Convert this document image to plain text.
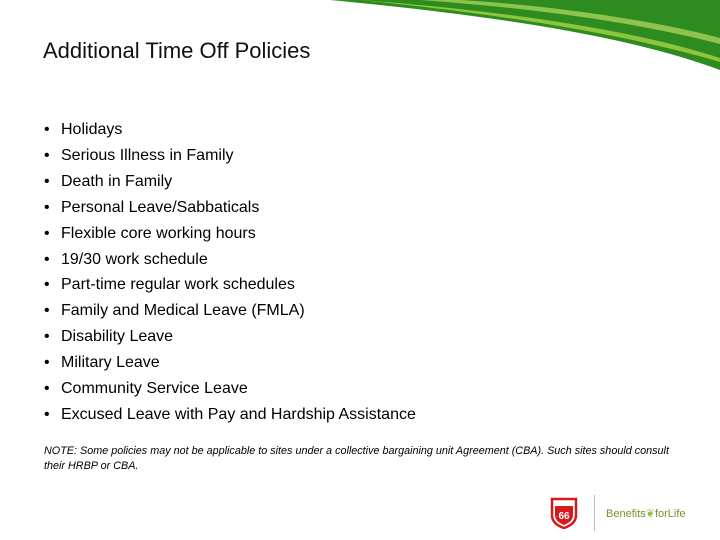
Additional Time Off Policies
• Holidays
• Serious Illness in Family
• Death in Family
• Personal Leave/Sabbaticals
• Flexible core working hours
• 19/30 work schedule
• Part-time regular work schedules
• Family and Medical Leave (FMLA)
• Disability Leave
• Military Leave
• Community Service Leave
• Excused Leave with Pay and Hardship Assistance

NOTE: Some policies may not be applicable to sites under a collective bargaining unit Agreement (CBA). Such sites should consult their HRBP or CBA.

66	Benefits❦forLife
